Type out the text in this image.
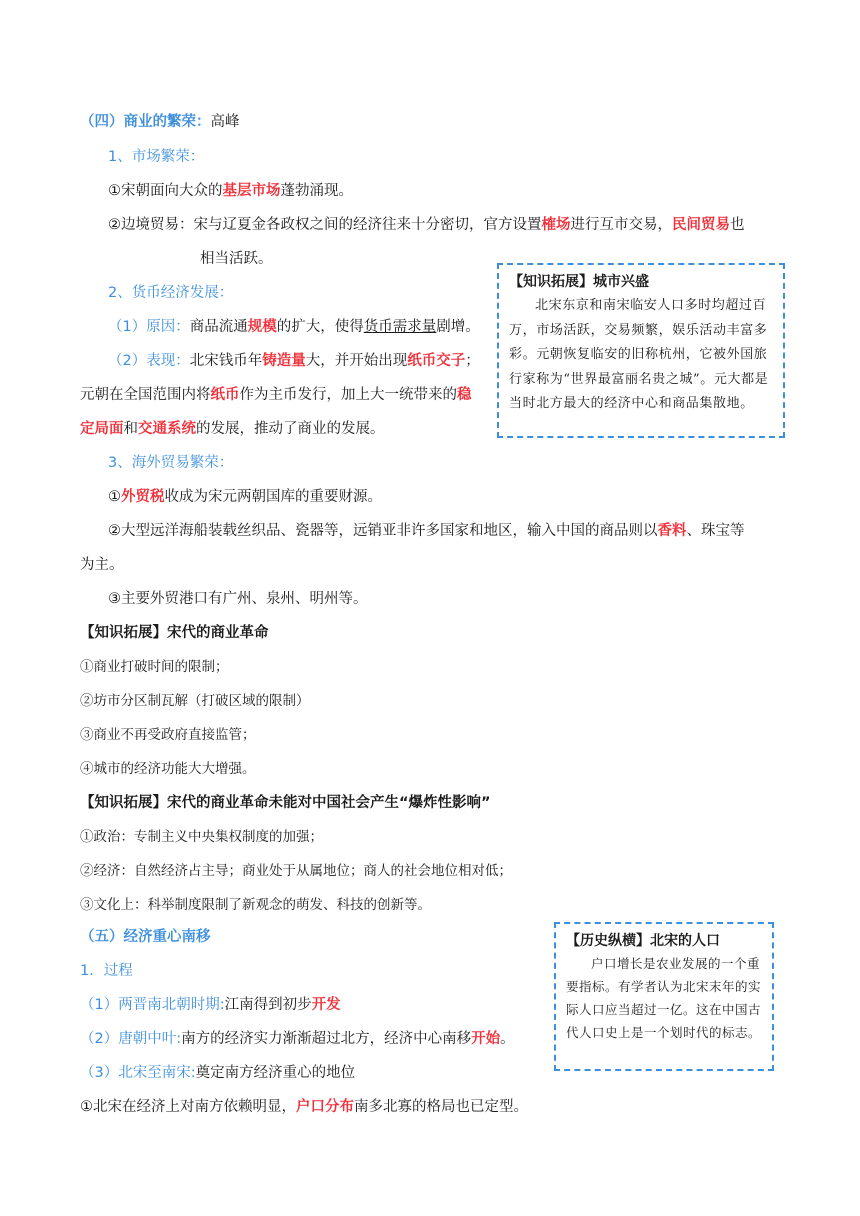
（四）商业的繁荣：高峰
1、市场繁荣：
①宋朝面向大众的基层市场蓬勃涌现。
②边境贸易：宋与辽夏金各政权之间的经济往来十分密切，官方设置榷场进行互市交易，民间贸易也
相当活跃。
2、货币经济发展：
（1）原因：商品流通规模的扩大，使得货币需求量剧增。
（2）表现：北宋钱币年铸造量大，并开始出现纸币交子；
元朝在全国范围内将纸币作为主币发行，加上大一统带来的稳
定局面和交通系统的发展，推动了商业的发展。
3、海外贸易繁荣：
①外贸税收成为宋元两朝国库的重要财源。
②大型远洋海船装载丝织品、瓷器等，远销亚非许多国家和地区，输入中国的商品则以香料、珠宝等
为主。
③主要外贸港口有广州、泉州、明州等。
【知识拓展】城市兴盛
北宋东京和南宋临安人口多时均超过百万，市场活跃，交易频繁，娱乐活动丰富多彩。元朝恢复临安的旧称杭州，它被外国旅行家称为“世界最富丽名贵之城”。元大都是当时北方最大的经济中心和商品集散地。
【知识拓展】宋代的商业革命
①商业打破时间的限制；
②坊市分区制瓦解（打破区域的限制）
③商业不再受政府直接监管；
④城市的经济功能大大增强。
【知识拓展】宋代的商业革命未能对中国社会产生“爆炸性影响”
①政治：专制主义中央集权制度的加强；
②经济：自然经济占主导；商业处于从属地位；商人的社会地位相对低；
③文化上：科举制度限制了新观念的萌发、科技的创新等。
（五）经济重心南移
1．过程
（1）两晋南北朝时期:江南得到初步开发
（2）唐朝中叶:南方的经济实力渐渐超过北方，经济中心南移开始。
（3）北宋至南宋:奠定南方经济重心的地位
①北宋在经济上对南方依赖明显，户口分布南多北寡的格局也已定型。
【历史纵横】北宋的人口
户口增长是农业发展的一个重要指标。有学者认为北宋末年的实际人口应当超过一亿。这在中国古代人口史上是一个划时代的标志。
